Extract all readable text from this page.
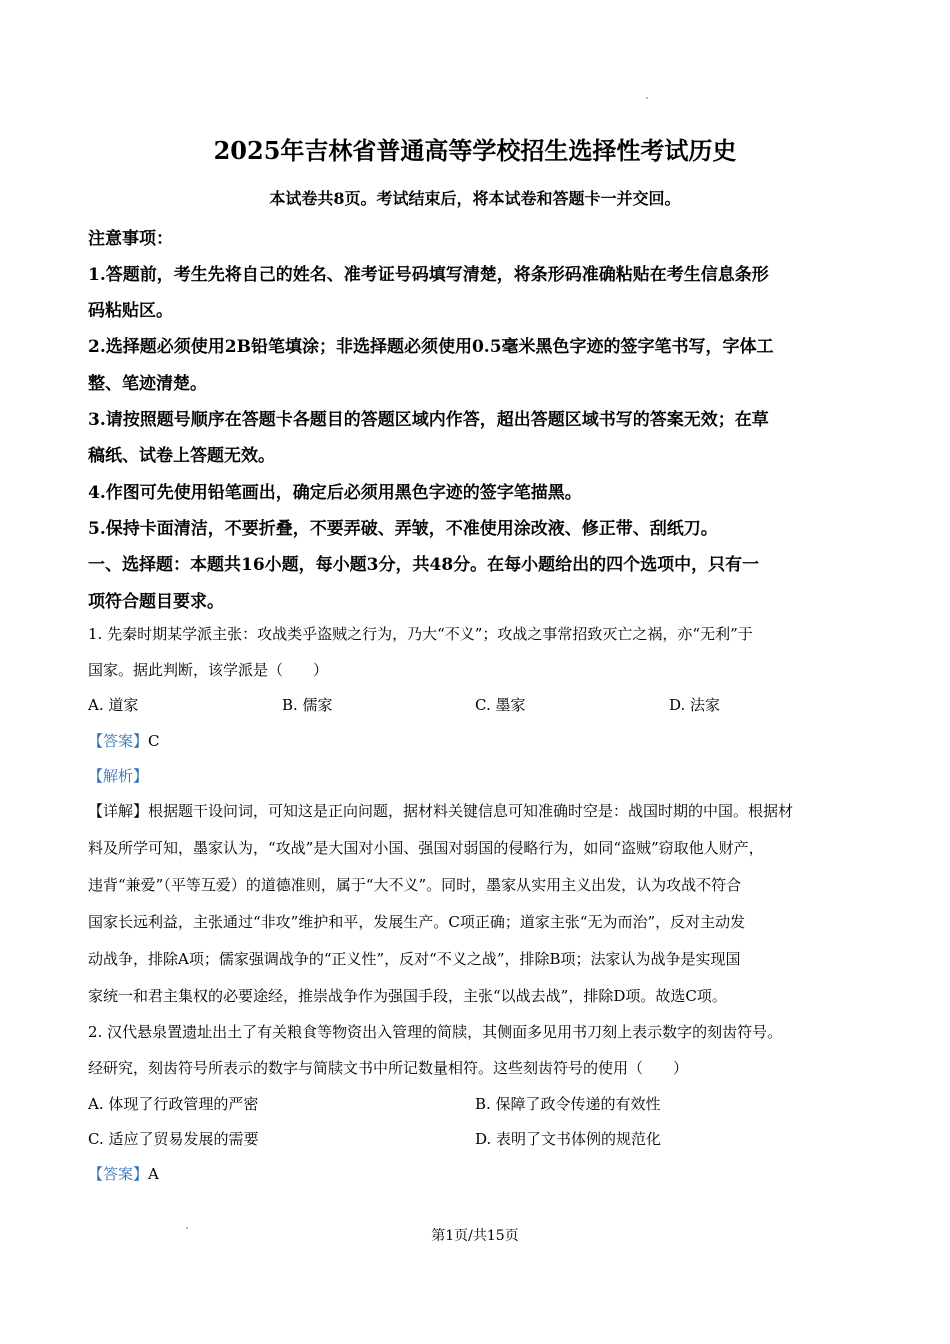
2025年吉林省普通高等学校招生选择性考试历史
本试卷共8页。考试结束后，将本试卷和答题卡一并交回。
注意事项：
1.答题前，考生先将自己的姓名、准考证号码填写清楚，将条形码准确粘贴在考生信息条形
码粘贴区。
2.选择题必须使用2B铅笔填涂；非选择题必须使用0.5毫米黑色字迹的签字笔书写，字体工
整、笔迹清楚。
3.请按照题号顺序在答题卡各题目的答题区域内作答，超出答题区域书写的答案无效；在草
稿纸、试卷上答题无效。
4.作图可先使用铅笔画出，确定后必须用黑色字迹的签字笔描黑。
5.保持卡面清洁，不要折叠，不要弄破、弄皱，不准使用涂改液、修正带、刮纸刀。
一、选择题：本题共16小题，每小题3分，共48分。在每小题给出的四个选项中，只有一
项符合题目要求。
1. 先秦时期某学派主张：攻战类乎盗贼之行为，乃大“不义”；攻战之事常招致灭亡之祸，亦“无利”于
国家。据此判断，该学派是（　　）
A. 道家	B. 儒家	C. 墨家	D. 法家
【答案】C
【解析】
【详解】根据题干设问词，可知这是正向问题，据材料关键信息可知准确时空是：战国时期的中国。根据材
料及所学可知，墨家认为，“攻战”是大国对小国、强国对弱国的侵略行为，如同“盗贼”窃取他人财产，
违背“兼爱”（平等互爱）的道德准则，属于“大不义”。同时，墨家从实用主义出发，认为攻战不符合
国家长远利益，主张通过“非攻”维护和平，发展生产。C项正确；道家主张“无为而治”，反对主动发
动战争，排除A项；儒家强调战争的“正义性”，反对“不义之战”，排除B项；法家认为战争是实现国
家统一和君主集权的必要途经，推崇战争作为强国手段，主张“以战去战”，排除D项。故选C项。
2. 汉代悬泉置遗址出土了有关粮食等物资出入管理的简牍，其侧面多见用书刀刻上表示数字的刻齿符号。
经研究，刻齿符号所表示的数字与简牍文书中所记数量相符。这些刻齿符号的使用（　　）
A. 体现了行政管理的严密	B. 保障了政令传递的有效性
C. 适应了贸易发展的需要	D. 表明了文书体例的规范化
【答案】A
第1页/共15页
